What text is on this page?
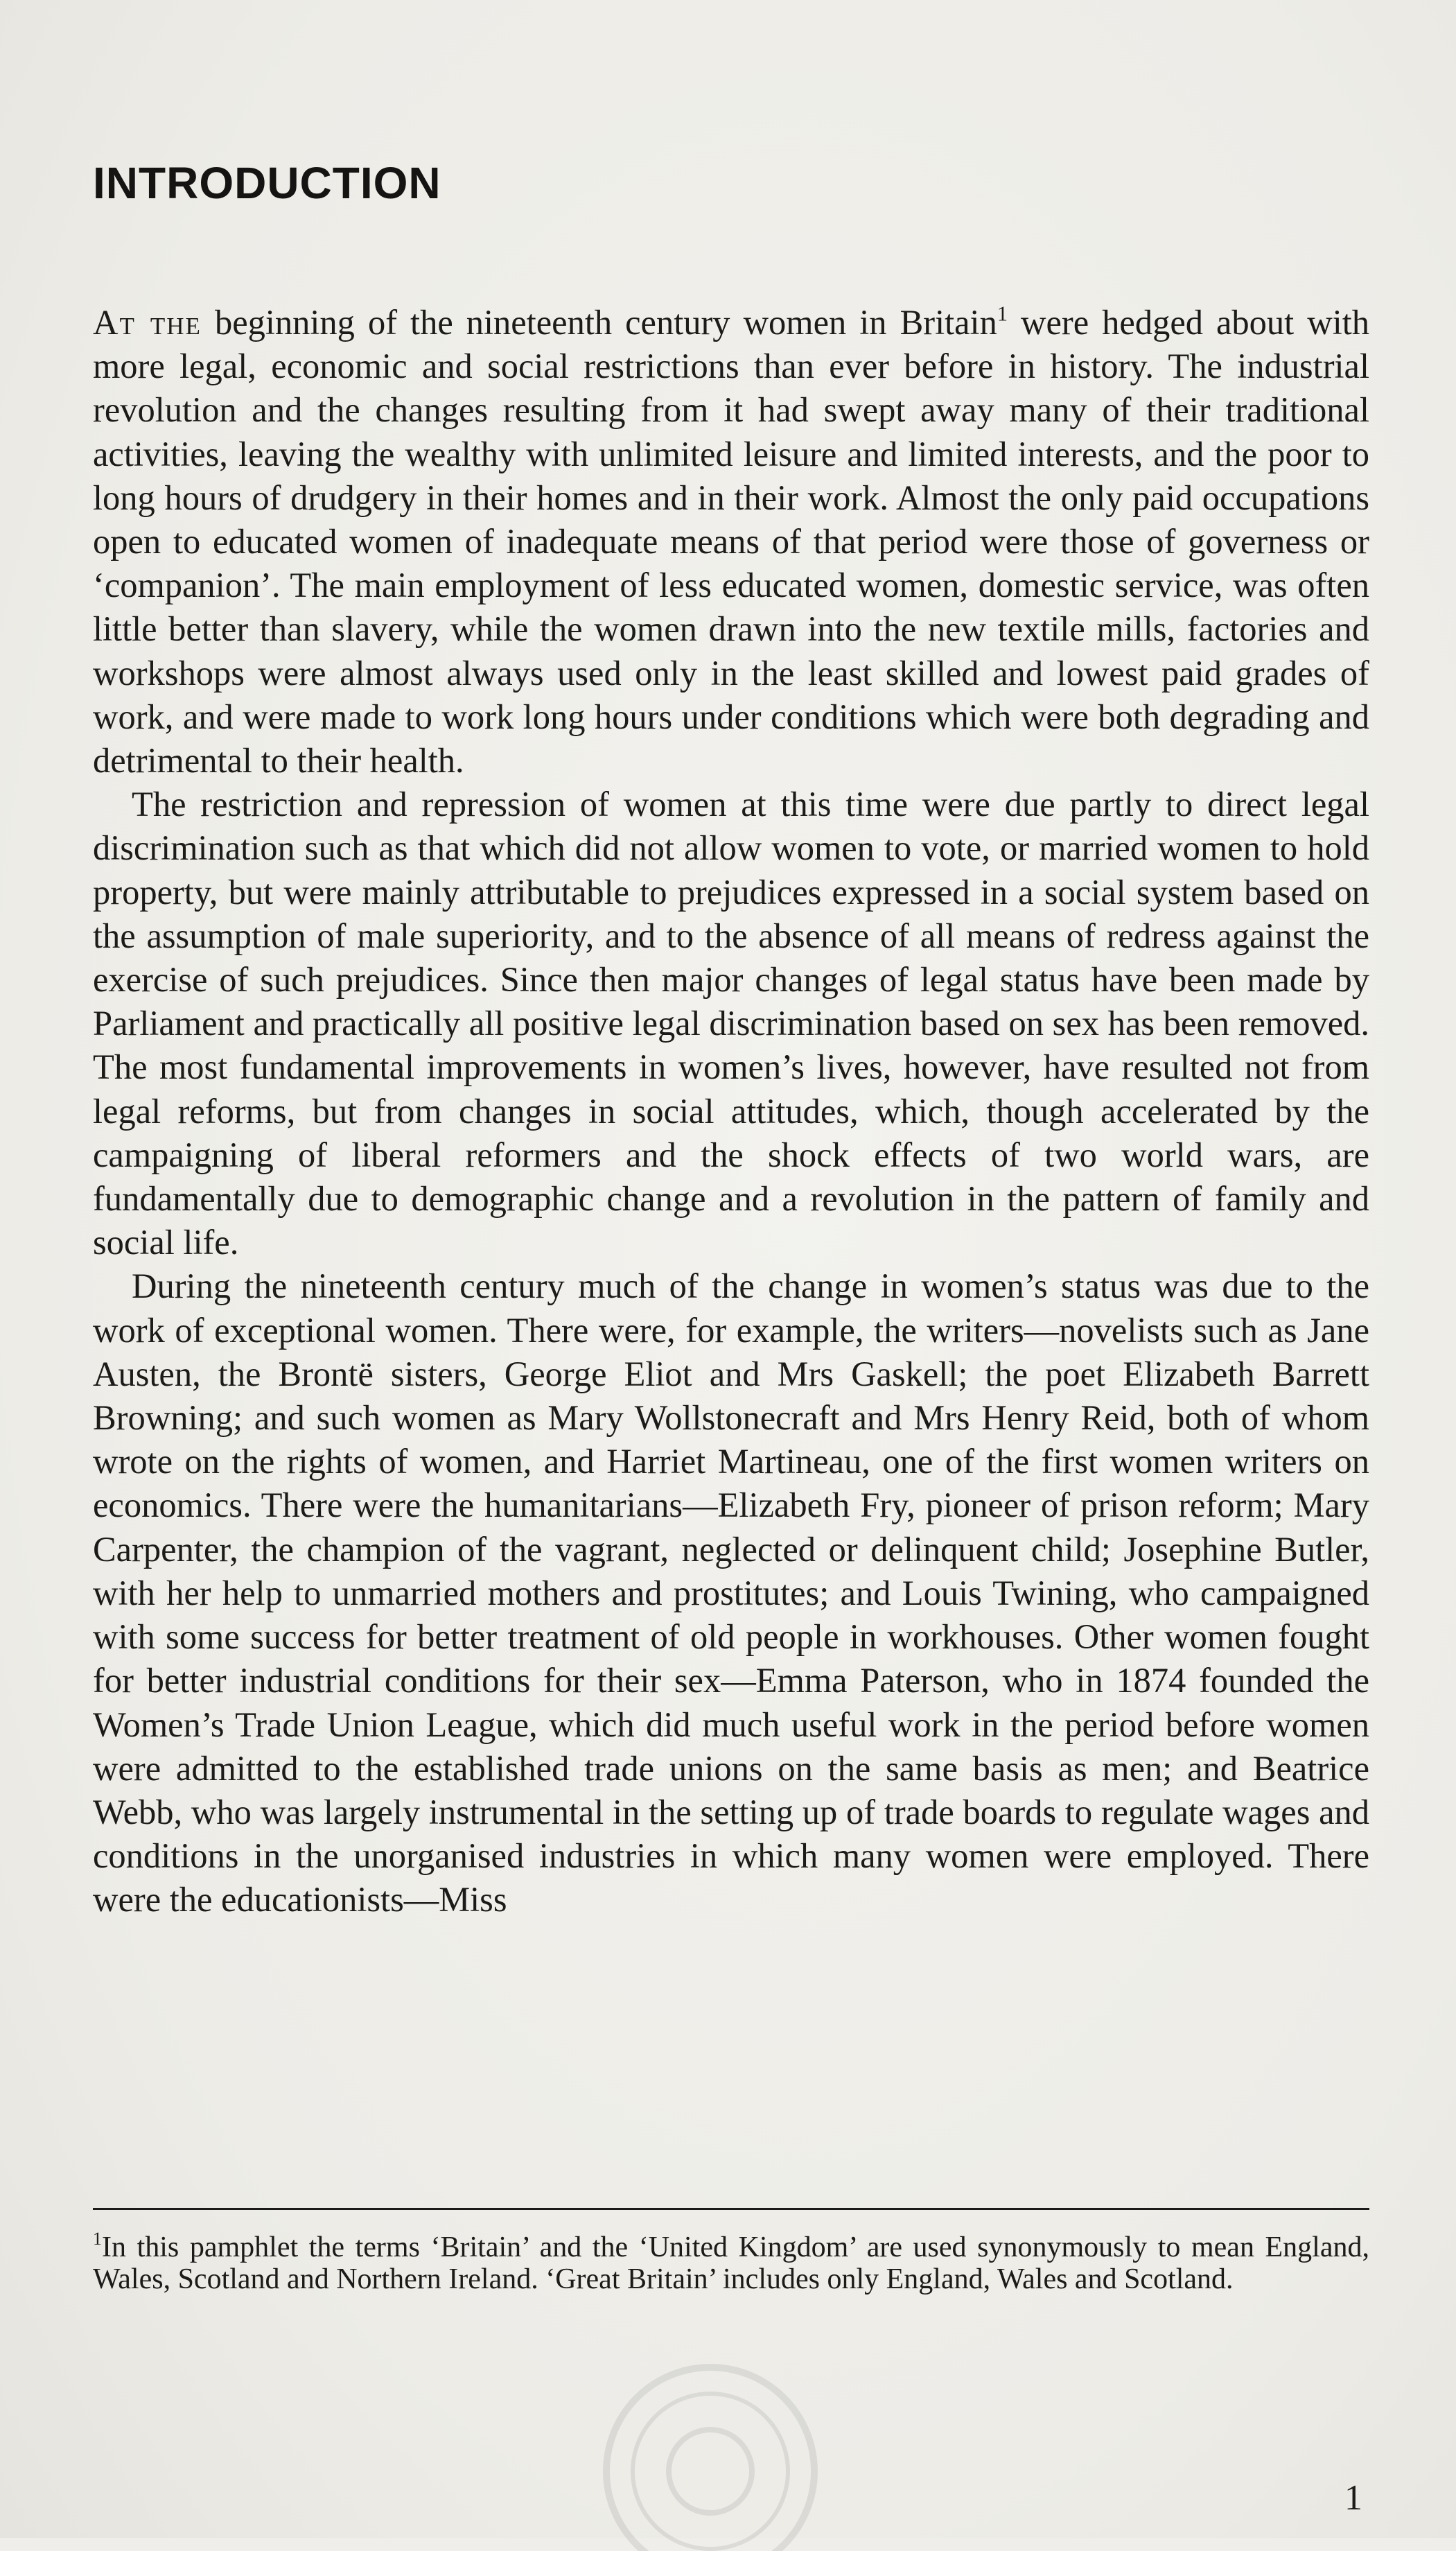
INTRODUCTION

At the beginning of the nineteenth century women in Britain$^1$ were hedged about with more legal, economic and social restrictions than ever before in history. The industrial revolution and the changes resulting from it had swept away many of their traditional activities, leaving the wealthy with unlimited leisure and limited interests, and the poor to long hours of drudgery in their homes and in their work. Almost the only paid occupations open to educated women of inadequate means of that period were those of governess or ‘companion’. The main employment of less educated women, domestic service, was often little better than slavery, while the women drawn into the new textile mills, factories and workshops were almost always used only in the least skilled and lowest paid grades of work, and were made to work long hours under conditions which were both degrading and detrimental to their health.

The restriction and repression of women at this time were due partly to direct legal discrimination such as that which did not allow women to vote, or married women to hold property, but were mainly attributable to prejudices expressed in a social system based on the assumption of male superiority, and to the absence of all means of redress against the exercise of such prejudices. Since then major changes of legal status have been made by Parliament and practically all positive legal discrimination based on sex has been removed. The most fundamental improvements in women’s lives, however, have resulted not from legal reforms, but from changes in social attitudes, which, though accelerated by the campaigning of liberal reformers and the shock effects of two world wars, are fundamentally due to demographic change and a revolution in the pattern of family and social life.

During the nineteenth century much of the change in women’s status was due to the work of exceptional women. There were, for example, the writers—novelists such as Jane Austen, the Brontë sisters, George Eliot and Mrs Gaskell; the poet Elizabeth Barrett Browning; and such women as Mary Wollstonecraft and Mrs Henry Reid, both of whom wrote on the rights of women, and Harriet Martineau, one of the first women writers on economics. There were the humanitarians—Elizabeth Fry, pioneer of prison reform; Mary Carpenter, the champion of the vagrant, neglected or delinquent child; Josephine Butler, with her help to unmarried mothers and prostitutes; and Louis Twining, who campaigned with some success for better treatment of old people in workhouses. Other women fought for better industrial conditions for their sex—Emma Paterson, who in 1874 founded the Women’s Trade Union League, which did much useful work in the period before women were admitted to the established trade unions on the same basis as men; and Beatrice Webb, who was largely instrumental in the setting up of trade boards to regulate wages and conditions in the unorganised industries in which many women were employed. There were the educationists—Miss

$^1$In this pamphlet the terms ‘Britain’ and the ‘United Kingdom’ are used synonymously to mean England, Wales, Scotland and Northern Ireland. ‘Great Britain’ includes only England, Wales and Scotland.
1
